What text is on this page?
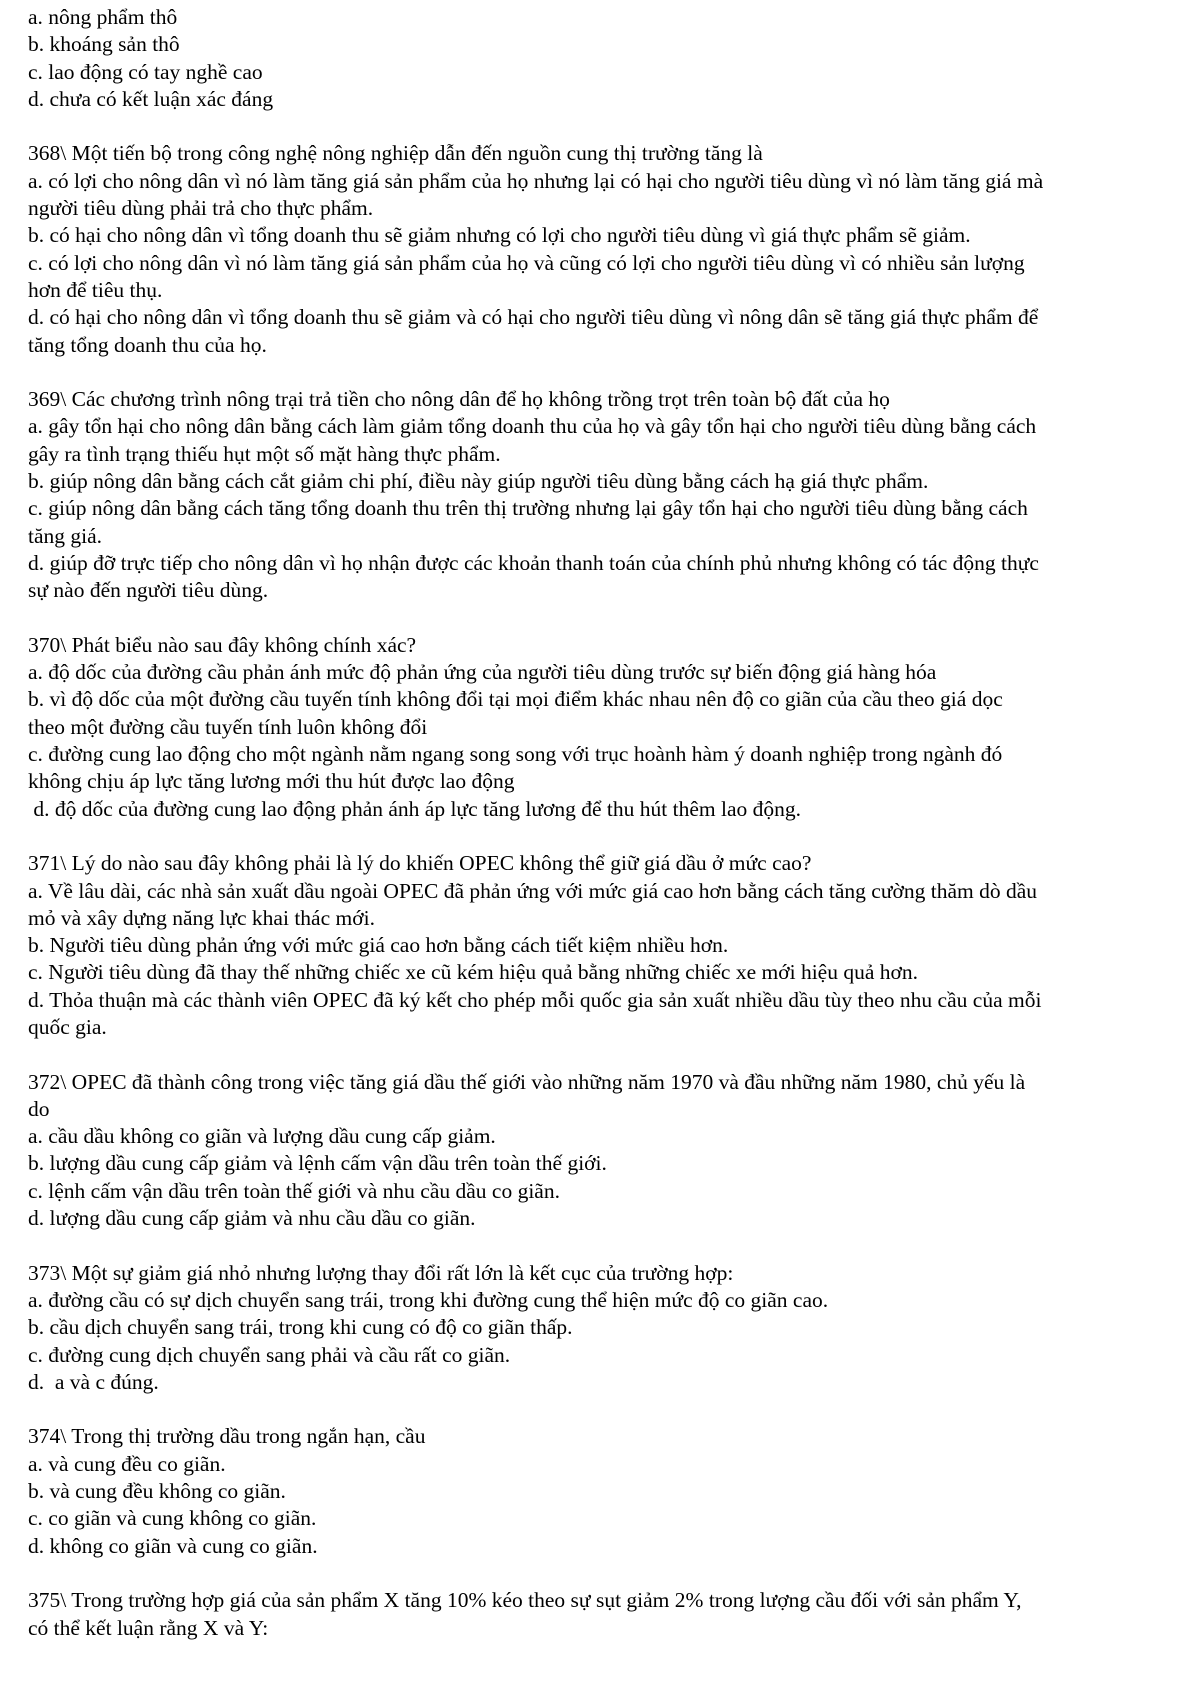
a. nông phẩm thô
b. khoáng sản thô
c. lao động có tay nghề cao
d. chưa có kết luận xác đáng
368\ Một tiến bộ trong công nghệ nông nghiệp dẫn đến nguồn cung thị trường tăng là
a. có lợi cho nông dân vì nó làm tăng giá sản phẩm của họ nhưng lại có hại cho người tiêu dùng vì nó làm tăng giá mà
người tiêu dùng phải trả cho thực phẩm.
b. có hại cho nông dân vì tổng doanh thu sẽ giảm nhưng có lợi cho người tiêu dùng vì giá thực phẩm sẽ giảm.
c. có lợi cho nông dân vì nó làm tăng giá sản phẩm của họ và cũng có lợi cho người tiêu dùng vì có nhiều sản lượng
hơn để tiêu thụ.
d. có hại cho nông dân vì tổng doanh thu sẽ giảm và có hại cho người tiêu dùng vì nông dân sẽ tăng giá thực phẩm để
tăng tổng doanh thu của họ.
369\ Các chương trình nông trại trả tiền cho nông dân để họ không trồng trọt trên toàn bộ đất của họ
a. gây tổn hại cho nông dân bằng cách làm giảm tổng doanh thu của họ và gây tổn hại cho người tiêu dùng bằng cách
gây ra tình trạng thiếu hụt một số mặt hàng thực phẩm.
b. giúp nông dân bằng cách cắt giảm chi phí, điều này giúp người tiêu dùng bằng cách hạ giá thực phẩm.
c. giúp nông dân bằng cách tăng tổng doanh thu trên thị trường nhưng lại gây tổn hại cho người tiêu dùng bằng cách
tăng giá.
d. giúp đỡ trực tiếp cho nông dân vì họ nhận được các khoản thanh toán của chính phủ nhưng không có tác động thực
sự nào đến người tiêu dùng.
370\ Phát biểu nào sau đây không chính xác?
a. độ dốc của đường cầu phản ánh mức độ phản ứng của người tiêu dùng trước sự biến động giá hàng hóa
b. vì độ dốc của một đường cầu tuyến tính không đổi tại mọi điểm khác nhau nên độ co giãn của cầu theo giá dọc
theo một đường cầu tuyến tính luôn không đổi
c. đường cung lao động cho một ngành nằm ngang song song với trục hoành hàm ý doanh nghiệp trong ngành đó
không chịu áp lực tăng lương mới thu hút được lao động
d. độ dốc của đường cung lao động phản ánh áp lực tăng lương để thu hút thêm lao động.
371\ Lý do nào sau đây không phải là lý do khiến OPEC không thể giữ giá dầu ở mức cao?
a. Về lâu dài, các nhà sản xuất dầu ngoài OPEC đã phản ứng với mức giá cao hơn bằng cách tăng cường thăm dò dầu
mỏ và xây dựng năng lực khai thác mới.
b. Người tiêu dùng phản ứng với mức giá cao hơn bằng cách tiết kiệm nhiều hơn.
c. Người tiêu dùng đã thay thế những chiếc xe cũ kém hiệu quả bằng những chiếc xe mới hiệu quả hơn.
d. Thỏa thuận mà các thành viên OPEC đã ký kết cho phép mỗi quốc gia sản xuất nhiều dầu tùy theo nhu cầu của mỗi
quốc gia.
372\ OPEC đã thành công trong việc tăng giá dầu thế giới vào những năm 1970 và đầu những năm 1980, chủ yếu là
do
a. cầu dầu không co giãn và lượng dầu cung cấp giảm.
b. lượng dầu cung cấp giảm và lệnh cấm vận dầu trên toàn thế giới.
c. lệnh cấm vận dầu trên toàn thế giới và nhu cầu dầu co giãn.
d. lượng dầu cung cấp giảm và nhu cầu dầu co giãn.
373\ Một sự giảm giá nhỏ nhưng lượng thay đổi rất lớn là kết cục của trường hợp:
a. đường cầu có sự dịch chuyển sang trái, trong khi đường cung thể hiện mức độ co giãn cao.
b. cầu dịch chuyển sang trái, trong khi cung có độ co giãn thấp.
c. đường cung dịch chuyển sang phải và cầu rất co giãn.
d.  a và c đúng.
374\ Trong thị trường dầu trong ngắn hạn, cầu
a. và cung đều co giãn.
b. và cung đều không co giãn.
c. co giãn và cung không co giãn.
d. không co giãn và cung co giãn.
375\ Trong trường hợp giá của sản phẩm X tăng 10% kéo theo sự sụt giảm 2% trong lượng cầu đối với sản phẩm Y,
có thể kết luận rằng X và Y:
